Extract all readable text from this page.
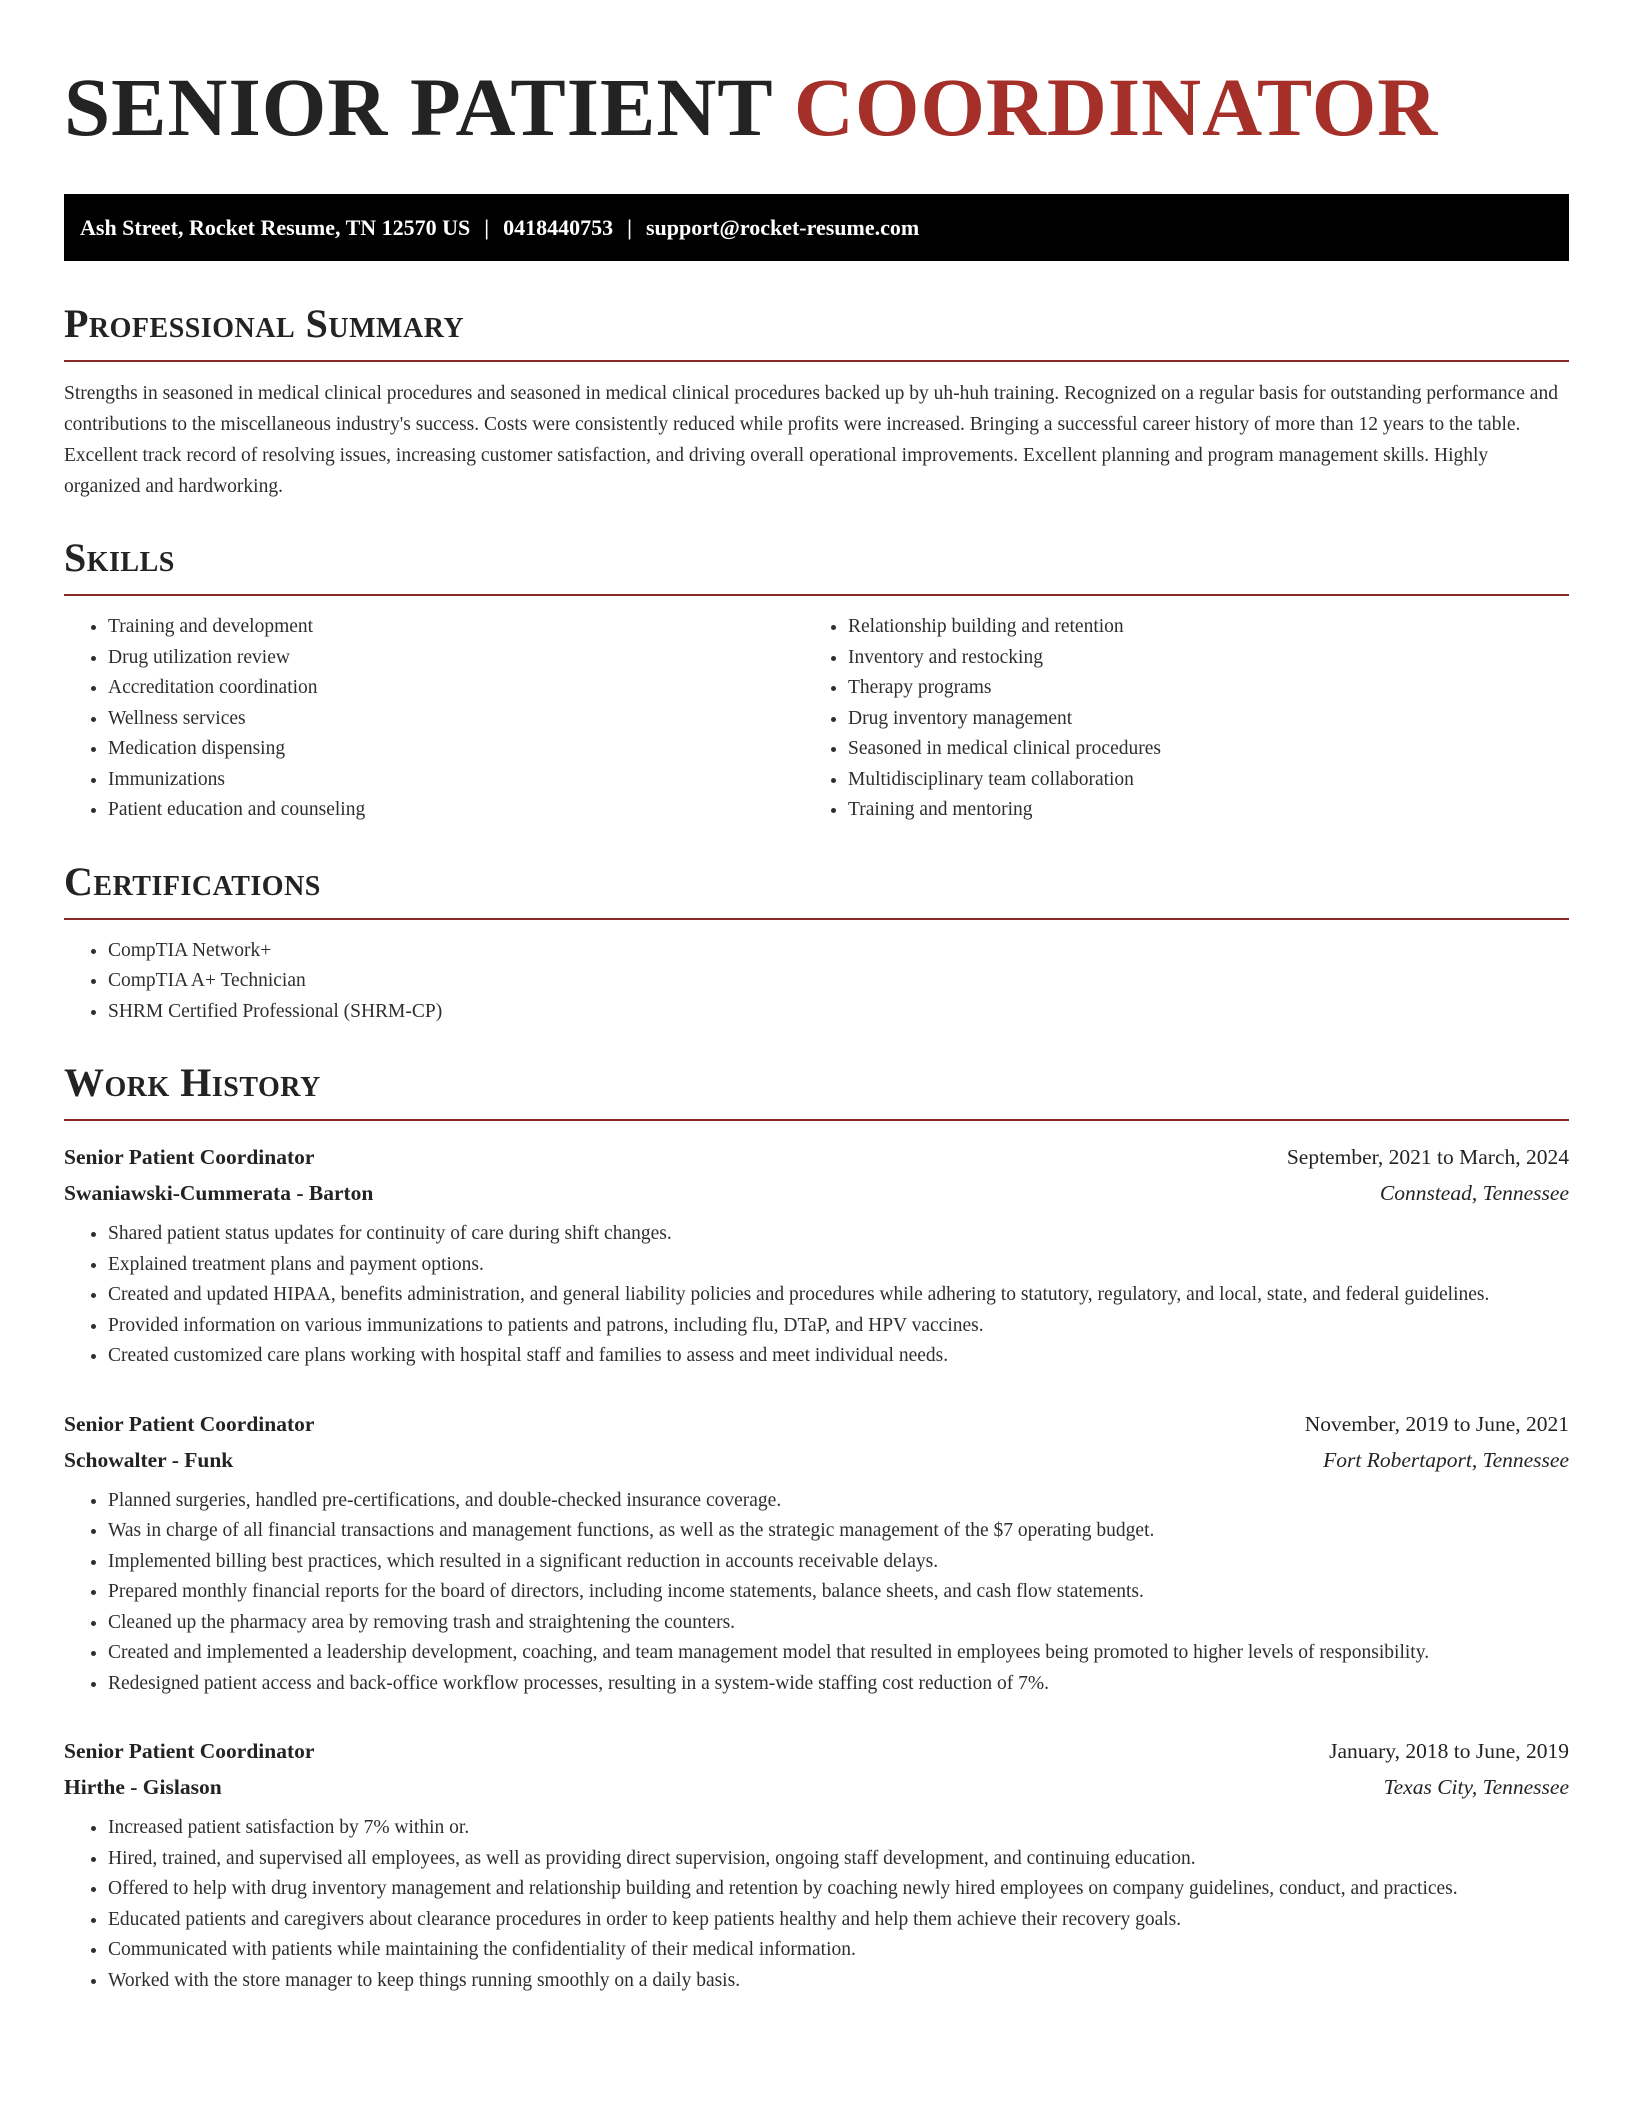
SENIOR PATIENT COORDINATOR
Ash Street, Rocket Resume, TN 12570 US | 0418440753 | support@rocket-resume.com
Professional Summary

Strengths in seasoned in medical clinical procedures and seasoned in medical clinical procedures backed up by uh-huh training. Recognized on a regular basis for outstanding performance and contributions to the miscellaneous industry's success. Costs were consistently reduced while profits were increased. Bringing a successful career history of more than 12 years to the table. Excellent track record of resolving issues, increasing customer satisfaction, and driving overall operational improvements. Excellent planning and program management skills. Highly organized and hardworking.

Skills
• Training and development
• Drug utilization review
• Accreditation coordination
• Wellness services
• Medication dispensing
• Immunizations
• Patient education and counseling
• Relationship building and retention
• Inventory and restocking
• Therapy programs
• Drug inventory management
• Seasoned in medical clinical procedures
• Multidisciplinary team collaboration
• Training and mentoring
Certifications
• CompTIA Network+
• CompTIA A+ Technician
• SHRM Certified Professional (SHRM-CP)
Work History
Senior Patient Coordinator	September, 2021 to March, 2024
Swaniawski-Cummerata - Barton	Connstead, Tennessee
• Shared patient status updates for continuity of care during shift changes.
• Explained treatment plans and payment options.
• Created and updated HIPAA, benefits administration, and general liability policies and procedures while adhering to statutory, regulatory, and local, state, and federal guidelines.
• Provided information on various immunizations to patients and patrons, including flu, DTaP, and HPV vaccines.
• Created customized care plans working with hospital staff and families to assess and meet individual needs.
Senior Patient Coordinator	November, 2019 to June, 2021
Schowalter - Funk	Fort Robertaport, Tennessee
• Planned surgeries, handled pre-certifications, and double-checked insurance coverage.
• Was in charge of all financial transactions and management functions, as well as the strategic management of the $7 operating budget.
• Implemented billing best practices, which resulted in a significant reduction in accounts receivable delays.
• Prepared monthly financial reports for the board of directors, including income statements, balance sheets, and cash flow statements.
• Cleaned up the pharmacy area by removing trash and straightening the counters.
• Created and implemented a leadership development, coaching, and team management model that resulted in employees being promoted to higher levels of responsibility.
• Redesigned patient access and back-office workflow processes, resulting in a system-wide staffing cost reduction of 7%.
Senior Patient Coordinator	January, 2018 to June, 2019
Hirthe - Gislason	Texas City, Tennessee
• Increased patient satisfaction by 7% within or.
• Hired, trained, and supervised all employees, as well as providing direct supervision, ongoing staff development, and continuing education.
• Offered to help with drug inventory management and relationship building and retention by coaching newly hired employees on company guidelines, conduct, and practices.
• Educated patients and caregivers about clearance procedures in order to keep patients healthy and help them achieve their recovery goals.
• Communicated with patients while maintaining the confidentiality of their medical information.
• Worked with the store manager to keep things running smoothly on a daily basis.
